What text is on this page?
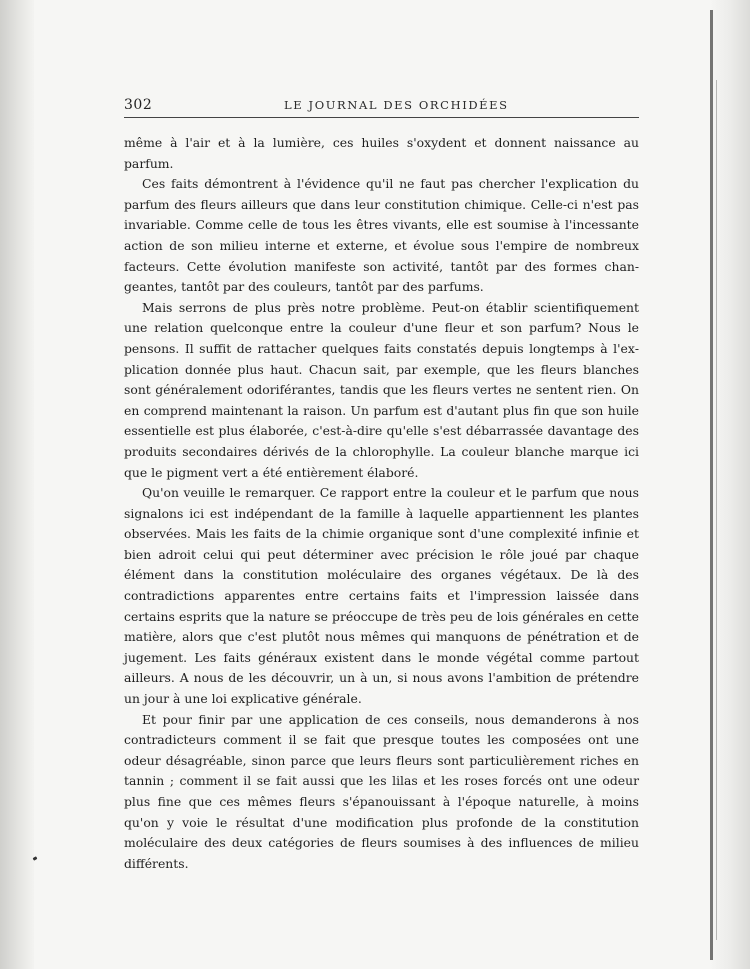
302	LE JOURNAL DES ORCHIDÉES

même à l'air et à la lumière, ces huiles s'oxydent et donnent naissance au parfum.

Ces faits démontrent à l'évidence qu'il ne faut pas chercher l'explication du parfum des fleurs ailleurs que dans leur constitution chimique. Celle-ci n'est pas invariable. Comme celle de tous les êtres vivants, elle est soumise à l'incessante action de son milieu interne et externe, et évolue sous l'empire de nombreux facteurs. Cette évolution manifeste son activité, tantôt par des formes changeantes, tantôt par des couleurs, tantôt par des parfums.

Mais serrons de plus près notre problème. Peut-on établir scientifiquement une relation quelconque entre la couleur d'une fleur et son parfum? Nous le pensons. Il suffit de rattacher quelques faits constatés depuis longtemps à l'explication donnée plus haut. Chacun sait, par exemple, que les fleurs blanches sont généralement odoriférantes, tandis que les fleurs vertes ne sentent rien. On en comprend maintenant la raison. Un parfum est d'autant plus fin que son huile essentielle est plus élaborée, c'est-à-dire qu'elle s'est débarrassée davantage des produits secondaires dérivés de la chlorophylle. La couleur blanche marque ici que le pigment vert a été entièrement élaboré.

Qu'on veuille le remarquer. Ce rapport entre la couleur et le parfum que nous signalons ici est indépendant de la famille à laquelle appartiennent les plantes observées. Mais les faits de la chimie organique sont d'une complexité infinie et bien adroit celui qui peut déterminer avec précision le rôle joué par chaque élément dans la constitution moléculaire des organes végétaux. De là des contradictions apparentes entre certains faits et l'impression laissée dans certains esprits que la nature se préoccupe de très peu de lois générales en cette matière, alors que c'est plutôt nous mêmes qui manquons de pénétration et de jugement. Les faits généraux existent dans le monde végétal comme partout ailleurs. A nous de les découvrir, un à un, si nous avons l'ambition de prétendre un jour à une loi explicative générale.

Et pour finir par une application de ces conseils, nous demanderons à nos contradicteurs comment il se fait que presque toutes les composées ont une odeur désagréable, sinon parce que leurs fleurs sont particulièrement riches en tannin ; comment il se fait aussi que les lilas et les roses forcés ont une odeur plus fine que ces mêmes fleurs s'épanouissant à l'époque naturelle, à moins qu'on y voie le résultat d'une modification plus profonde de la constitution moléculaire des deux catégories de fleurs soumises à des influences de milieu différents.
